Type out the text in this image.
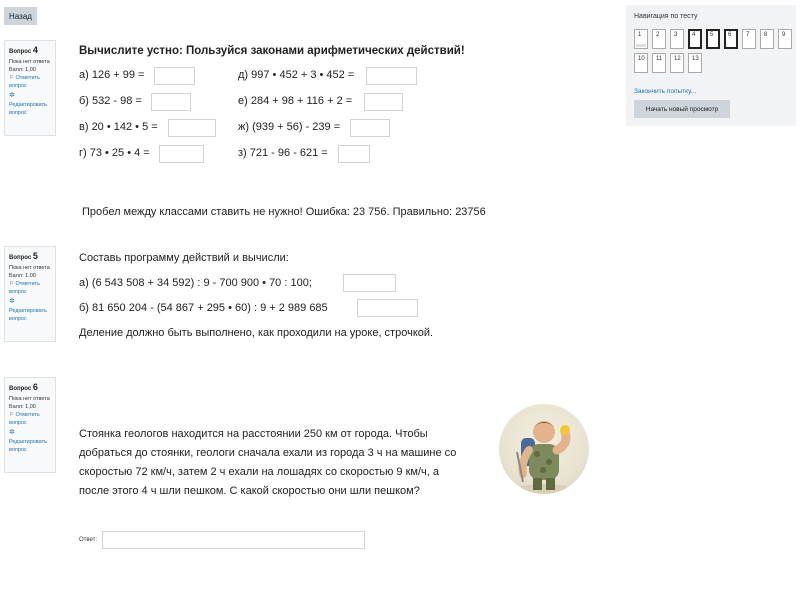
Назад
Вопрос 4
Пока нет ответа
Балл: 1,00
⚐ Отметить вопрос
✲
Редактировать вопрос
Вопрос 5
Пока нет ответа
Балл: 1,00
⚐ Отметить вопрос
✲
Редактировать вопрос
Вопрос 6
Пока нет ответа
Балл: 1,00
⚐ Отметить вопрос
✲
Редактировать вопрос
Вычислите устно: Пользуйся законами арифметических действий!
а) 126 + 99 =	д) 997 • 452 + 3 • 452 =
б) 532 - 98 =	е) 284 + 98 + 116 + 2 =
в) 20 • 142 • 5 =	ж) (939 + 56) - 239 =
г) 73 • 25 • 4 =	з) 721 - 96 - 621 =
Пробел между классами ставить не нужно! Ошибка: 23 756. Правильно: 23756
Составь программу действий и вычисли:
а) (6 543 508 + 34 592) : 9 - 700 900 • 70 : 100;
б) 81 650 204 - (54 867 + 295 • 60) : 9 + 2 989 685
Деление должно быть выполнено, как проходили на уроке, строчкой.
Стоянка геологов находится на расстоянии 250 км от города. Чтобы
добраться до стоянки, геологи сначала ехали из города 3 ч на машине со
скоростью 72 км/ч, затем 2 ч ехали на лошадях со скоростью 9 км/ч, а
после этого 4 ч шли пешком. С какой скоростью они шли пешком?
Ответ:
Навигация по тесту
1	2	3	4	5	6	7	8	9
10	11	12	13
Закончить попытку...
Начать новый просмотр
